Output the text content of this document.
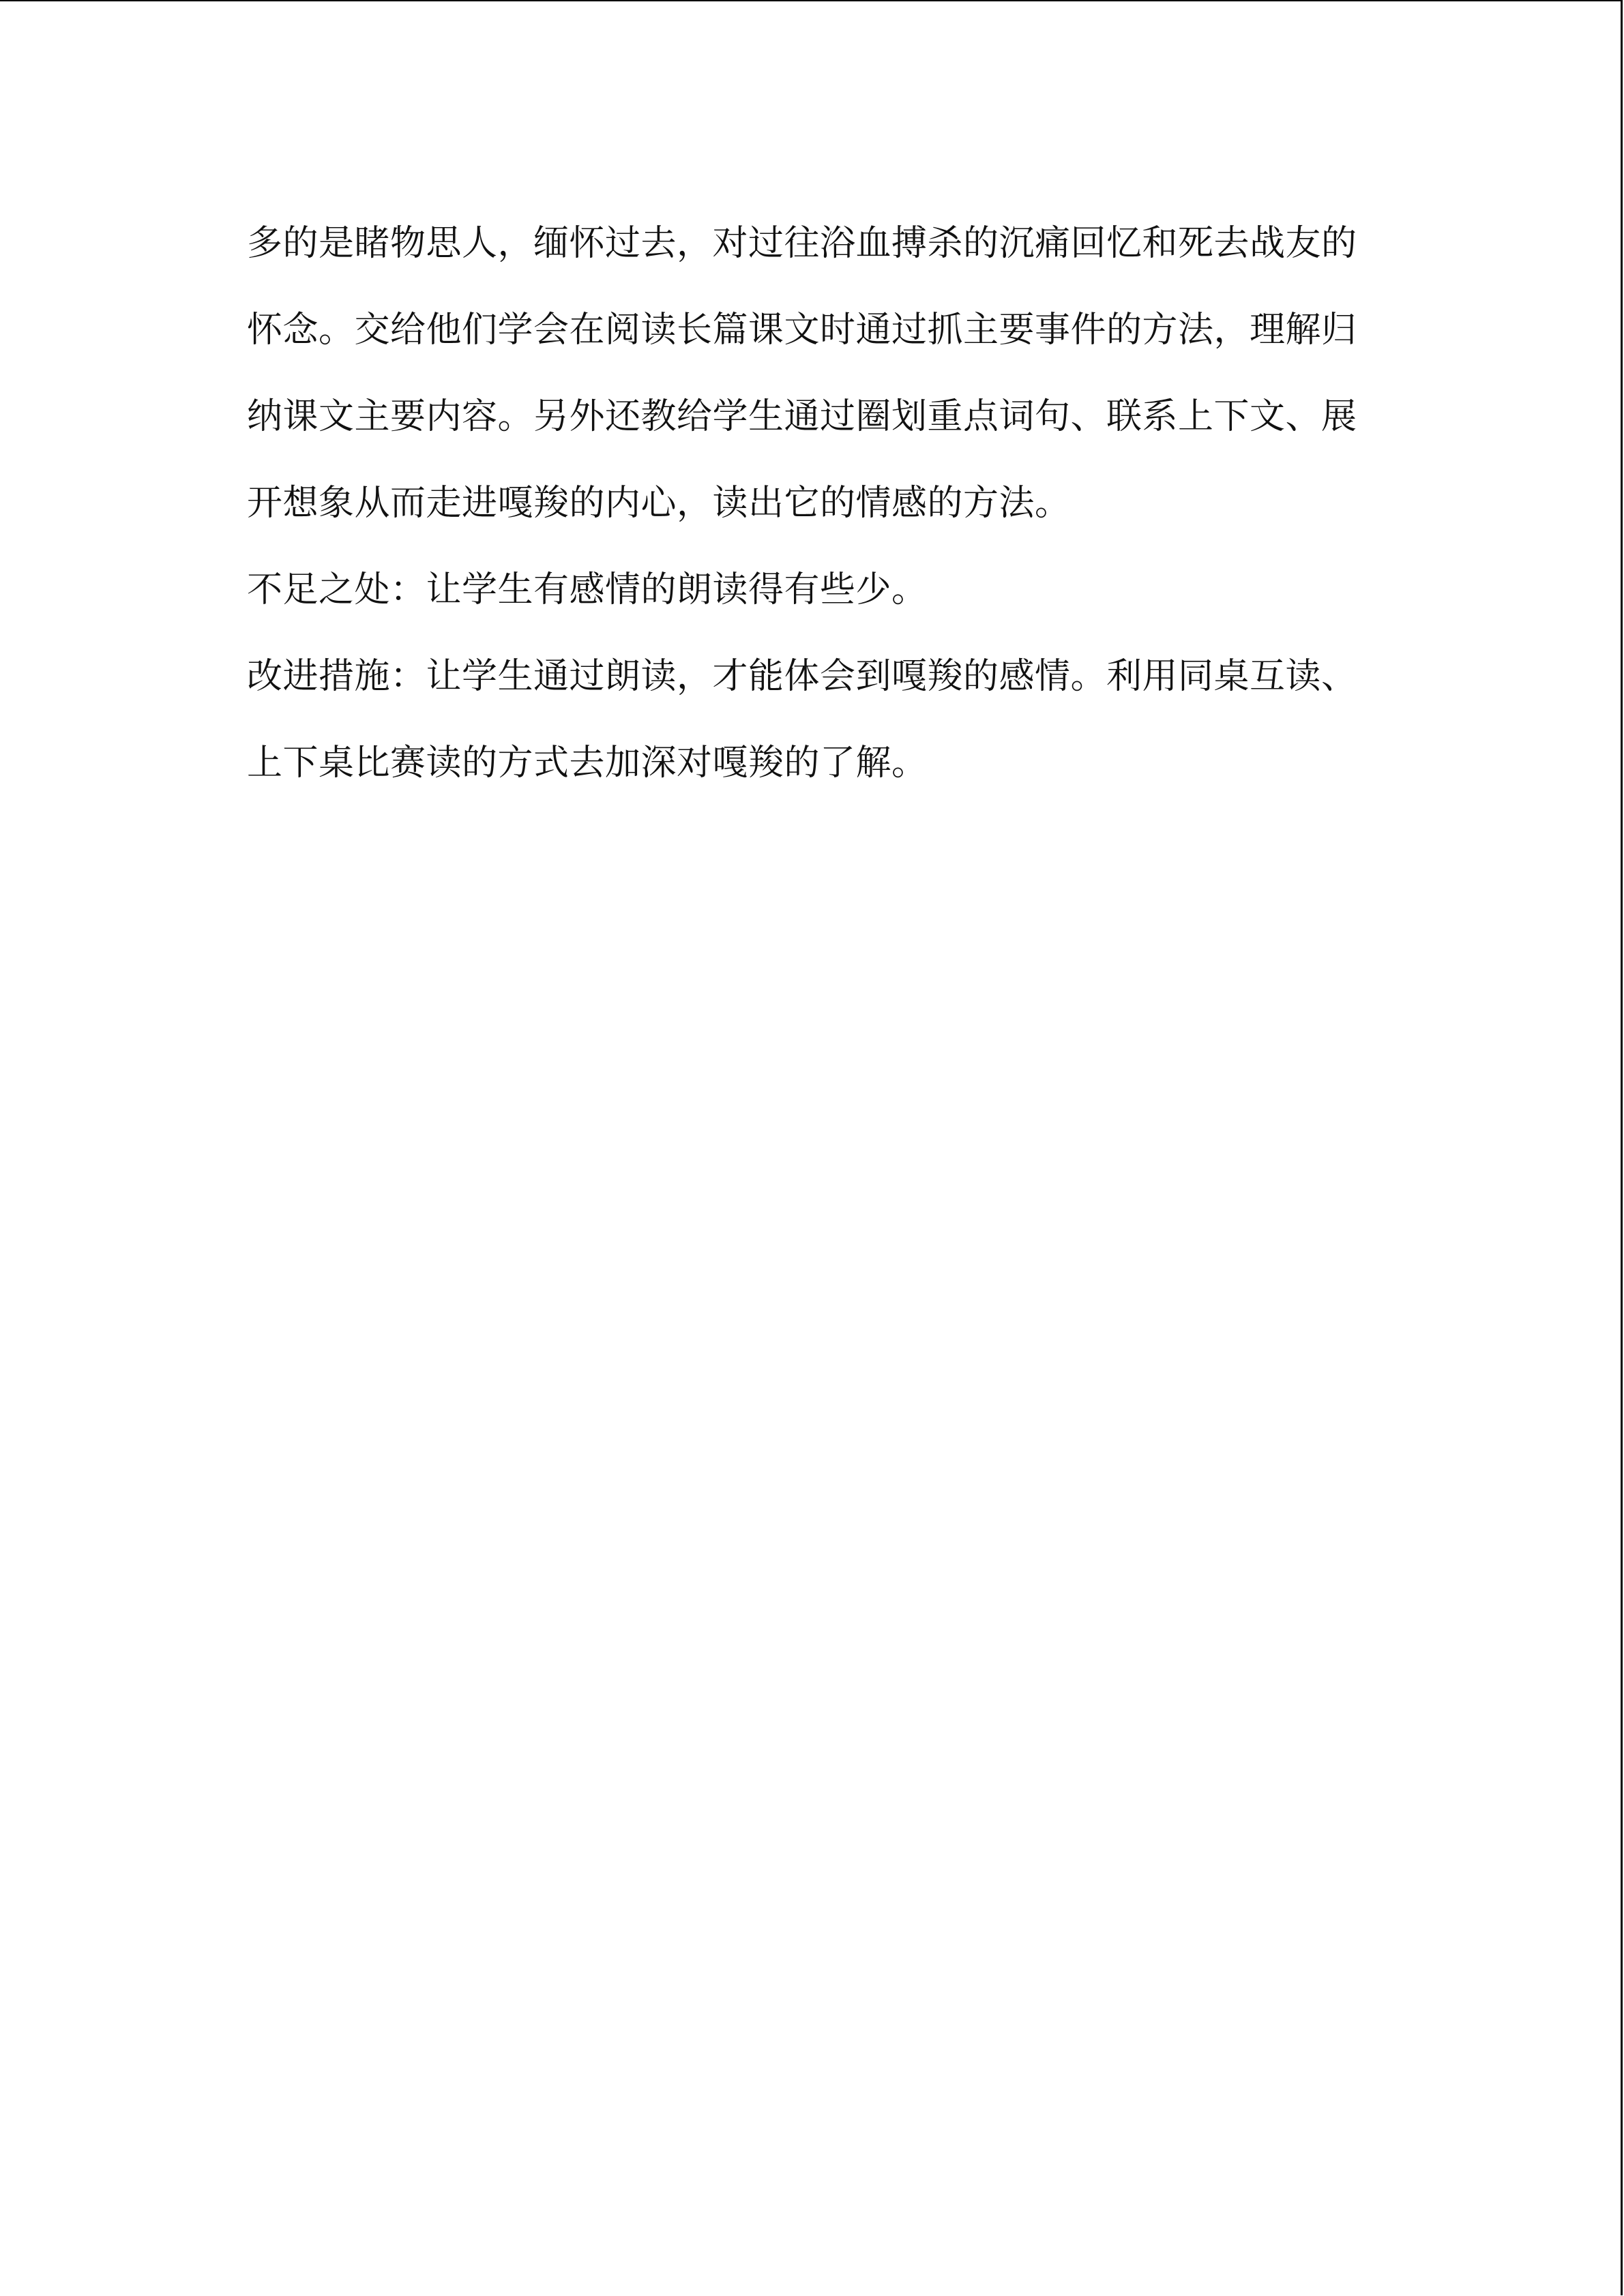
多的是睹物思人，缅怀过去，对过往浴血搏杀的沉痛回忆和死去战友的怀念。交给他们学会在阅读长篇课文时通过抓主要事件的方法，理解归纳课文主要内容。另外还教给学生通过圈划重点词句、联系上下文、展开想象从而走进嘎羧的内心，读出它的情感的方法。

不足之处：让学生有感情的朗读得有些少。

改进措施：让学生通过朗读，才能体会到嘎羧的感情。利用同桌互读、上下桌比赛读的方式去加深对嘎羧的了解。
